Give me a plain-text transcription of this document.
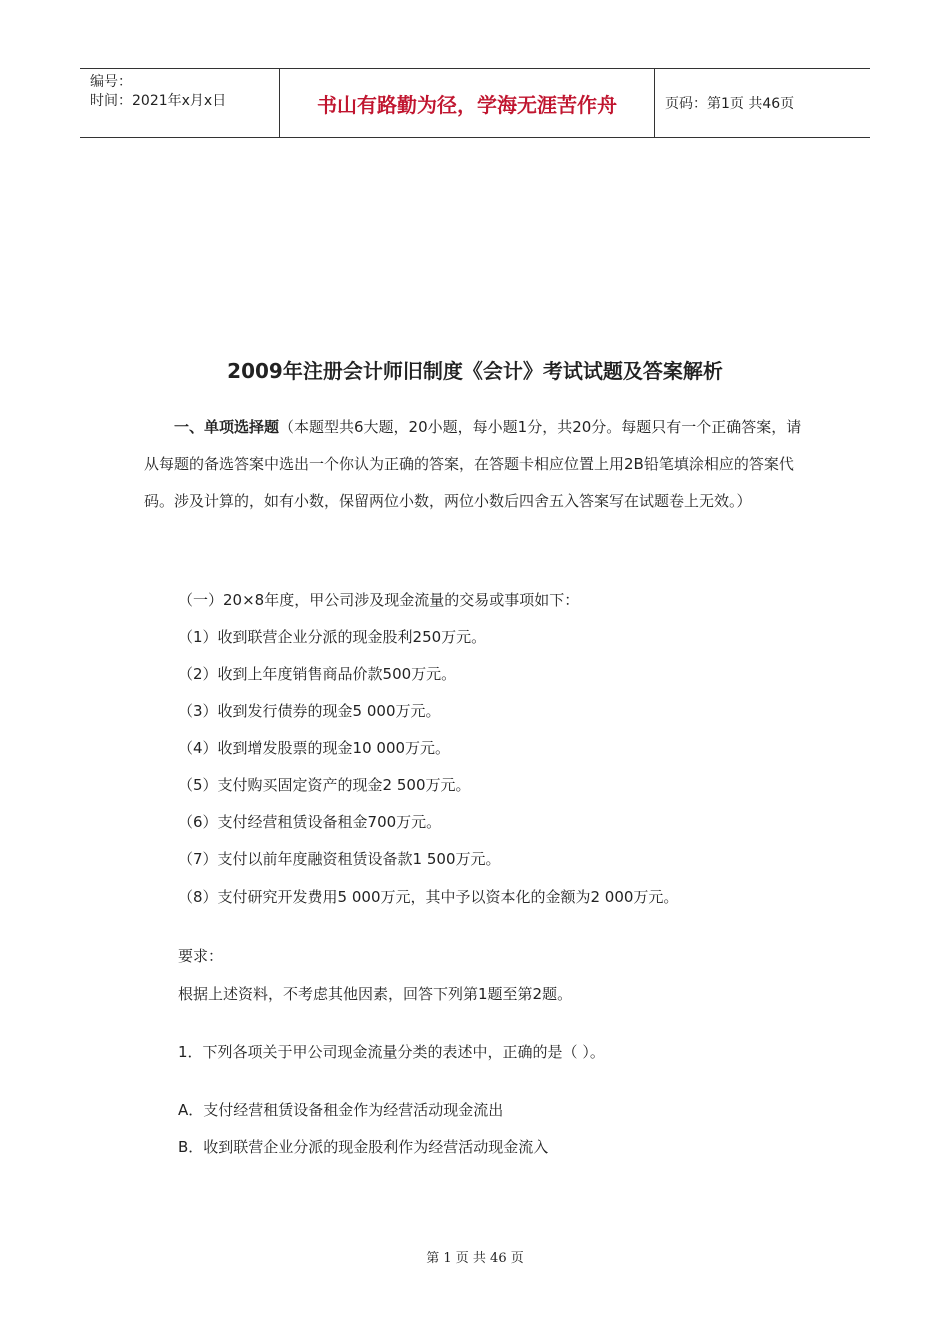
编号：
时间：2021年x月x日	书山有路勤为径，学海无涯苦作舟	页码：第1页 共46页
2009年注册会计师旧制度《会计》考试试题及答案解析
一、单项选择题（本题型共6大题，20小题，每小题1分，共20分。每题只有一个正确答案，请从每题的备选答案中选出一个你认为正确的答案，在答题卡相应位置上用2B铅笔填涂相应的答案代码。涉及计算的，如有小数，保留两位小数，两位小数后四舍五入答案写在试题卷上无效。）
（一）20×8年度，甲公司涉及现金流量的交易或事项如下：
（1）收到联营企业分派的现金股利250万元。
（2）收到上年度销售商品价款500万元。
（3）收到发行债券的现金5 000万元。
（4）收到增发股票的现金10 000万元。
（5）支付购买固定资产的现金2 500万元。
（6）支付经营租赁设备租金700万元。
（7）支付以前年度融资租赁设备款1 500万元。
（8）支付研究开发费用5 000万元，其中予以资本化的金额为2 000万元。
要求：
根据上述资料，不考虑其他因素，回答下列第1题至第2题。
1．下列各项关于甲公司现金流量分类的表述中，正确的是（ ）。
A．支付经营租赁设备租金作为经营活动现金流出
B．收到联营企业分派的现金股利作为经营活动现金流入
第 1 页 共 46 页
